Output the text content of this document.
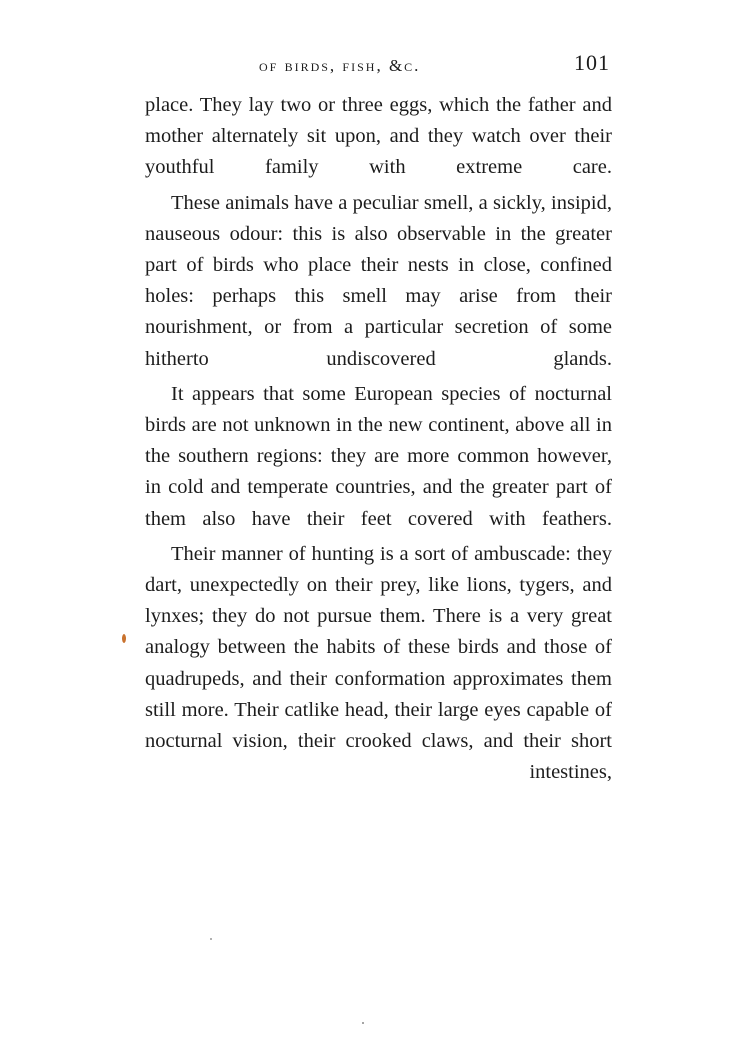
of birds, fish, &c.	101

place. They lay two or three eggs, which the father and mother alternately sit upon, and they watch over their youthful family with extreme care.

These animals have a peculiar smell, a sickly, insipid, nauseous odour: this is also observable in the greater part of birds who place their nests in close, confined holes: perhaps this smell may arise from their nourishment, or from a particular secretion of some hitherto undiscovered glands.

It appears that some European species of nocturnal birds are not unknown in the new continent, above all in the southern regions: they are more common however, in cold and temperate countries, and the greater part of them also have their feet covered with feathers.

Their manner of hunting is a sort of ambuscade: they dart, unexpectedly on their prey, like lions, tygers, and lynxes; they do not pursue them. There is a very great analogy between the habits of these birds and those of quadrupeds, and their conformation approximates them still more. Their catlike head, their large eyes capable of nocturnal vision, their crooked claws, and their short

intestines,
